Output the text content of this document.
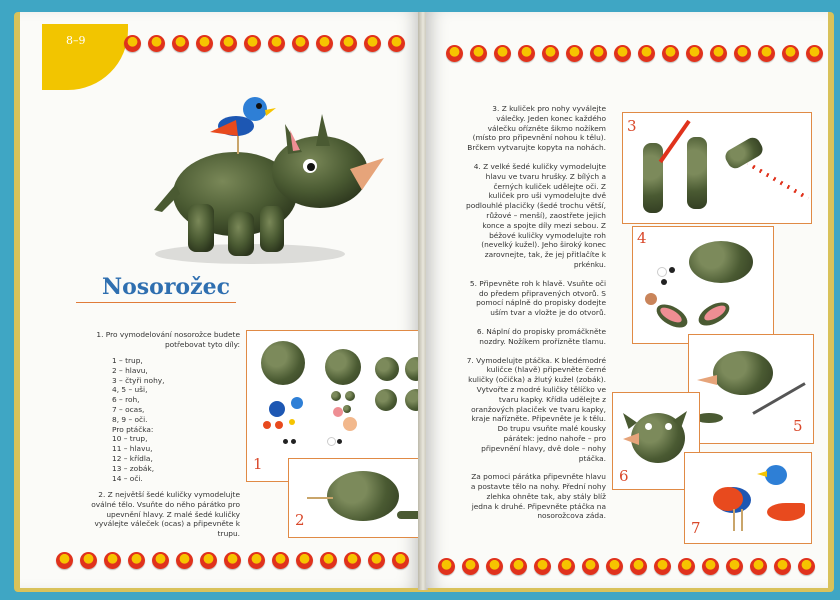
8–9
Nosorožec

1. Pro vymodelování nosorožce budete potřebovat tyto díly:

1 – trup,
2 – hlavu,
3 – čtyři nohy,
4, 5 – uši,
6 – roh,
7 – ocas,
8, 9 – oči.
Pro ptáčka:
10 – trup,
11 – hlavu,
12 – křídla,
13 – zobák,
14 – oči.

2. Z největší šedé kuličky vymodelujte oválné tělo. Vsuňte do něho párátko pro upevnění hlavy. Z malé šedé kuličky vyválejte váleček (ocas) a připevněte k trupu.

1
2

3. Z kuliček pro nohy vyválejte válečky. Jeden konec každého válečku ořízněte šikmo nožíkem (místo pro připevnění nohou k tělu). Brčkem vytvarujte kopyta na nohách.

4. Z velké šedé kuličky vymodelujte hlavu ve tvaru hrušky. Z bílých a černých kuliček udělejte oči. Z kuliček pro uši vymodelujte dvě podlouhlé placičky (šedé trochu větší, růžové – menší), zaostřete jejich konce a spojte díly mezi sebou. Z béžové kuličky vymodelujte roh (nevelký kužel). Jeho široký konec zarovnejte, tak, že jej přitlačíte k prkénku.

5. Připevněte roh k hlavě. Vsuňte oči do předem připravených otvorů. S pomocí náplně do propisky dodejte uším tvar a vložte je do otvorů.

6. Náplní do propisky promáčkněte nozdry. Nožíkem prořízněte tlamu.

7. Vymodelujte ptáčka. K bledémodré kuličce (hlavě) připevněte černé kuličky (očička) a žlutý kužel (zobák). Vytvořte z modré kuličky tělíčko ve tvaru kapky. Křídla udělejte z oranžových placiček ve tvaru kapky, kraje nařízněte. Připevněte je k tělu. Do trupu vsuňte malé kousky párátek: jedno nahoře – pro připevnění hlavy, dvě dole – nohy ptáčka.

Za pomoci párátka připevněte hlavu a postavte tělo na nohy. Přední nohy zlehka ohněte tak, aby stály blíž jedna k druhé. Připevněte ptáčka na nosorožcova záda.

3
4
5
6
7
